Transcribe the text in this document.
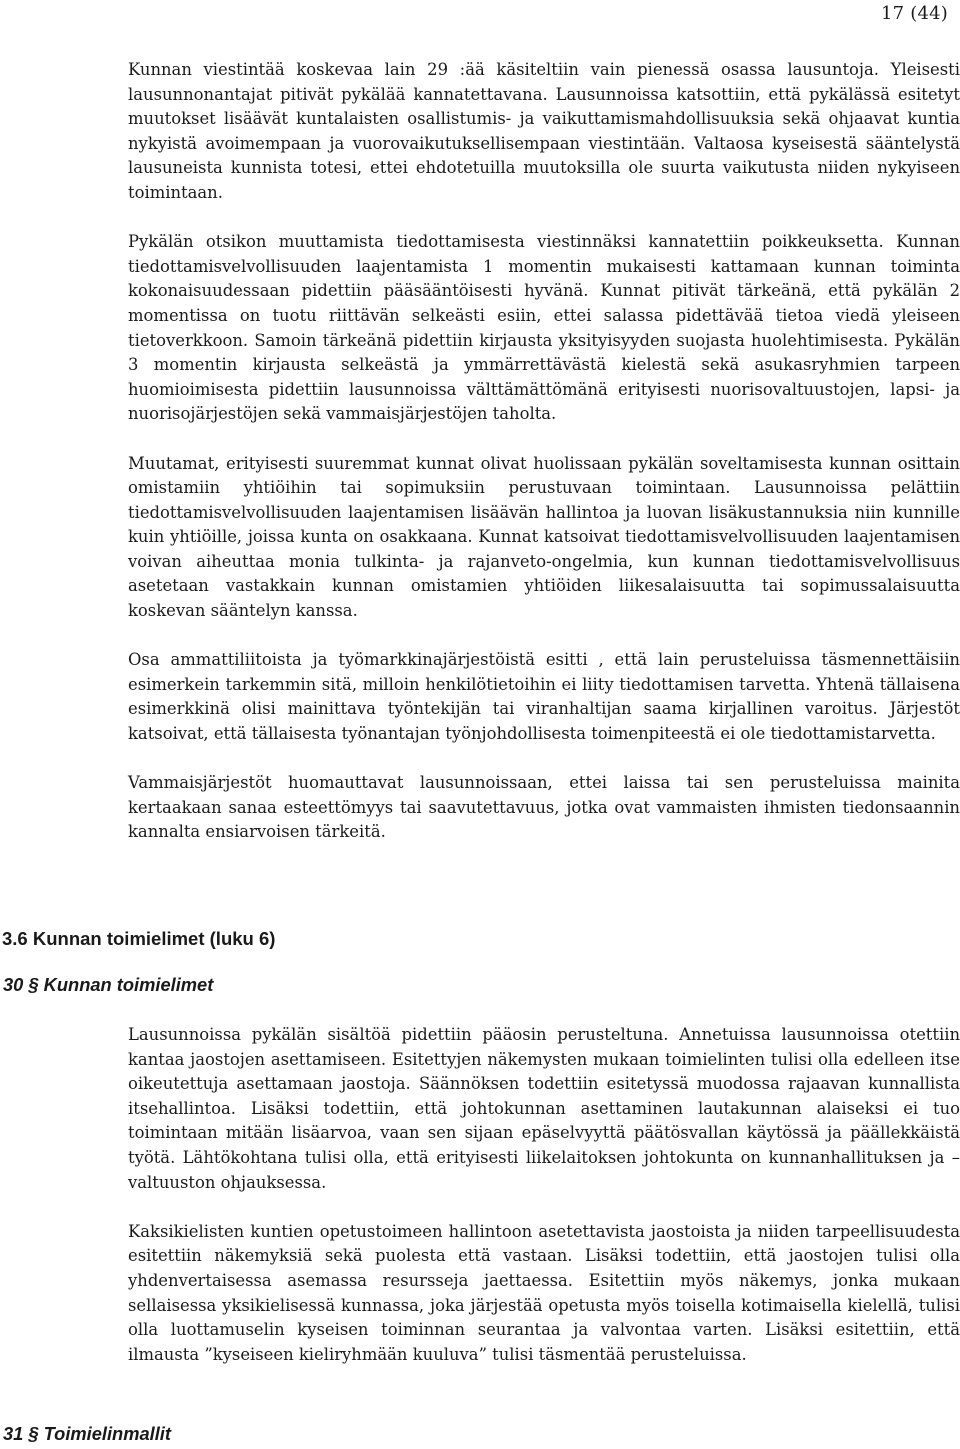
17 (44)

Kunnan viestintää koskevaa lain 29 :ää käsiteltiin vain pienessä osassa lausuntoja. Yleisesti lausunnonantajat pitivät pykälää kannatettavana. Lausunnoissa katsottiin, että pykälässä esitetyt muutokset lisäävät kuntalaisten osallistumis- ja vaikuttamismahdollisuuksia sekä ohjaavat kuntia nykyistä avoimempaan ja vuorovaikutuksellisempaan viestintään. Valtaosa kyseisestä sääntelystä lausuneista kunnista totesi, ettei ehdotetuilla muutoksilla ole suurta vaikutusta niiden nykyiseen toimintaan.

Pykälän otsikon muuttamista tiedottamisesta viestinnäksi kannatettiin poikkeuksetta. Kunnan tiedottamisvelvollisuuden laajentamista 1 momentin mukaisesti kattamaan kunnan toiminta kokonaisuudessaan pidettiin pääsääntöisesti hyvänä. Kunnat pitivät tärkeänä, että pykälän 2 momentissa on tuotu riittävän selkeästi esiin, ettei salassa pidettävää tietoa viedä yleiseen tietoverkkoon. Samoin tärkeänä pidettiin kirjausta yksityisyyden suojasta huolehtimisesta. Pykälän 3 momentin kirjausta selkeästä ja ymmärrettävästä kielestä sekä asukasryhmien tarpeen huomioimisesta pidettiin lausunnoissa välttämättömänä erityisesti nuorisovaltuustojen, lapsi- ja nuorisojärjestöjen sekä vammaisjärjestöjen taholta.

Muutamat, erityisesti suuremmat kunnat olivat huolissaan pykälän soveltamisesta kunnan osittain omistamiin yhtiöihin tai sopimuksiin perustuvaan toimintaan. Lausunnoissa pelättiin tiedottamisvelvollisuuden laajentamisen lisäävän hallintoa ja luovan lisäkustannuksia niin kunnille kuin yhtiöille, joissa kunta on osakkaana. Kunnat katsoivat tiedottamisvelvollisuuden laajentamisen voivan aiheuttaa monia tulkinta- ja rajanveto-ongelmia, kun kunnan tiedottamisvelvollisuus asetetaan vastakkain kunnan omistamien yhtiöiden liikesalaisuutta tai sopimussalaisuutta koskevan sääntelyn kanssa.

Osa ammattiliitoista ja työmarkkinajärjestöistä esitti , että lain perusteluissa täsmennettäisiin esimerkein tarkemmin sitä, milloin henkilötietoihin ei liity tiedottamisen tarvetta. Yhtenä tällaisena esimerkkinä olisi mainittava työntekijän tai viranhaltijan saama kirjallinen varoitus. Järjestöt katsoivat, että tällaisesta työnantajan työnjohdollisesta toimenpiteestä ei ole tiedottamistarvetta.

Vammaisjärjestöt huomauttavat lausunnoissaan, ettei laissa tai sen perusteluissa mainita kertaakaan sanaa esteettömyys tai saavutettavuus, jotka ovat vammaisten ihmisten tiedonsaannin kannalta ensiarvoisen tärkeitä.

3.6 Kunnan toimielimet (luku 6)
30 § Kunnan toimielimet

Lausunnoissa pykälän sisältöä pidettiin pääosin perusteltuna. Annetuissa lausunnoissa otettiin kantaa jaostojen asettamiseen. Esitettyjen näkemysten mukaan toimielinten tulisi olla edelleen itse oikeutettuja asettamaan jaostoja. Säännöksen todettiin esitetyssä muodossa rajaavan kunnallista itsehallintoa. Lisäksi todettiin, että johtokunnan asettaminen lautakunnan alaiseksi ei tuo toimintaan mitään lisäarvoa, vaan sen sijaan epäselvyyttä päätösvallan käytössä ja päällekkäistä työtä. Lähtökohtana tulisi olla, että erityisesti liikelaitoksen johtokunta on kunnanhallituksen ja –valtuuston ohjauksessa.

Kaksikielisten kuntien opetustoimeen hallintoon asetettavista jaostoista ja niiden tarpeellisuudesta esitettiin näkemyksiä sekä puolesta että vastaan. Lisäksi todettiin, että jaostojen tulisi olla yhdenvertaisessa asemassa resursseja jaettaessa. Esitettiin myös näkemys, jonka mukaan sellaisessa yksikielisessä kunnassa, joka järjestää opetusta myös toisella kotimaisella kielellä, tulisi olla luottamuselin kyseisen toiminnan seurantaa ja valvontaa varten. Lisäksi esitettiin, että ilmausta ”kyseiseen kieliryhmään kuuluva” tulisi täsmentää perusteluissa.

31 § Toimielinmallit
